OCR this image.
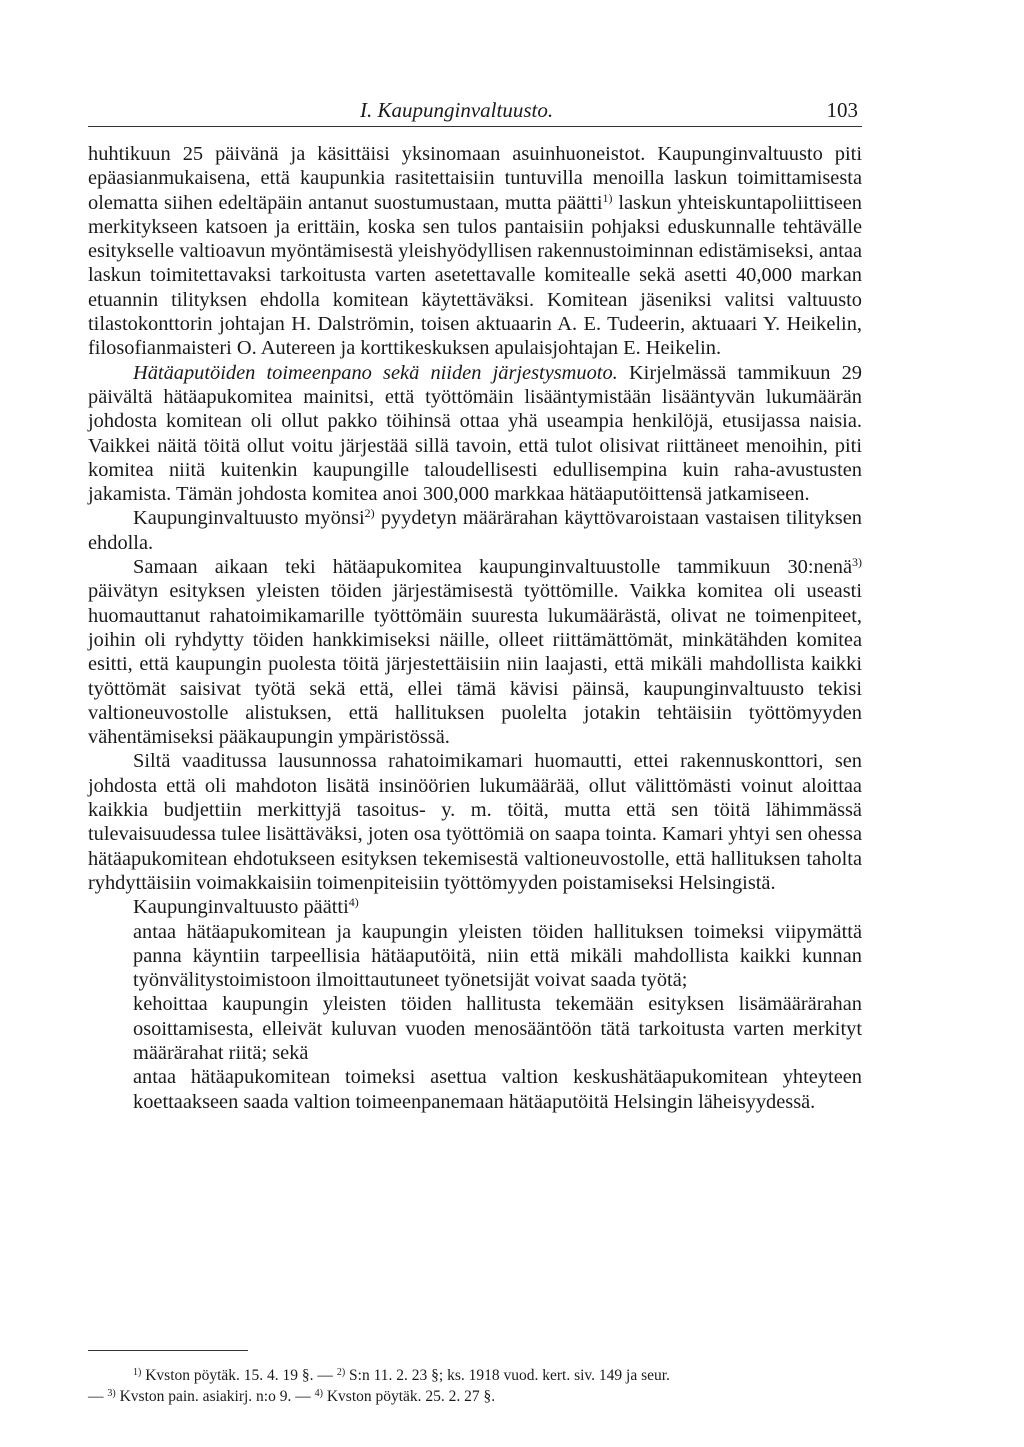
I. Kaupunginvaltuusto.	103

huhtikuun 25 päivänä ja käsittäisi yksinomaan asuinhuoneistot. Kaupunginvaltuusto piti epäasianmukaisena, että kaupunkia rasitettaisiin tuntuvilla menoilla laskun toimittamisesta olematta siihen edeltäpäin antanut suostumustaan, mutta päätti$^{1)}$ laskun yhteiskuntapoliittiseen merkitykseen katsoen ja erittäin, koska sen tulos pantaisiin pohjaksi eduskunnalle tehtävälle esitykselle valtioavun myöntämisestä yleishyödyllisen rakennustoiminnan edistämiseksi, antaa laskun toimitettavaksi tarkoitusta varten asetettavalle komitealle sekä asetti 40,000 markan etuannin tilityksen ehdolla komitean käytettäväksi. Komitean jäseniksi valitsi valtuusto tilastokonttorin johtajan H. Dalströmin, toisen aktuaarin A. E. Tudeerin, aktuaari Y. Heikelin, filosofianmaisteri O. Autereen ja korttikeskuksen apulaisjohtajan E. Heikelin.

Hätäaputöiden toimeenpano sekä niiden järjestysmuoto. Kirjelmässä tammikuun 29 päivältä hätäapukomitea mainitsi, että työttömäin lisääntymistään lisääntyvän lukumäärän johdosta komitean oli ollut pakko töihinsä ottaa yhä useampia henkilöjä, etusijassa naisia. Vaikkei näitä töitä ollut voitu järjestää sillä tavoin, että tulot olisivat riittäneet menoihin, piti komitea niitä kuitenkin kaupungille taloudellisesti edullisempina kuin raha-avustusten jakamista. Tämän johdosta komitea anoi 300,000 markkaa hätäaputöittensä jatkamiseen.

Kaupunginvaltuusto myönsi$^{2)}$ pyydetyn määrärahan käyttövaroistaan vastaisen tilityksen ehdolla.

Samaan aikaan teki hätäapukomitea kaupunginvaltuustolle tammikuun 30:nenä$^{3)}$ päivätyn esityksen yleisten töiden järjestämisestä työttömille. Vaikka komitea oli useasti huomauttanut rahatoimikamarille työttömäin suuresta lukumäärästä, olivat ne toimenpiteet, joihin oli ryhdytty töiden hankkimiseksi näille, olleet riittämättömät, minkätähden komitea esitti, että kaupungin puolesta töitä järjestettäisiin niin laajasti, että mikäli mahdollista kaikki työttömät saisivat työtä sekä että, ellei tämä kävisi päinsä, kaupunginvaltuusto tekisi valtioneuvostolle alistuksen, että hallituksen puolelta jotakin tehtäisiin työttömyyden vähentämiseksi pääkaupungin ympäristössä.

Siltä vaaditussa lausunnossa rahatoimikamari huomautti, ettei rakennuskonttori, sen johdosta että oli mahdoton lisätä insinöörien lukumäärää, ollut välittömästi voinut aloittaa kaikkia budjettiin merkittyjä tasoitus- y. m. töitä, mutta että sen töitä lähimmässä tulevaisuudessa tulee lisättäväksi, joten osa työttömiä on saapa tointa. Kamari yhtyi sen ohessa hätäapukomitean ehdotukseen esityksen tekemisestä valtioneuvostolle, että hallituksen taholta ryhdyttäisiin voimakkaisiin toimenpiteisiin työttömyyden poistamiseksi Helsingistä.

Kaupunginvaltuusto päätti$^{4)}$

antaa hätäapukomitean ja kaupungin yleisten töiden hallituksen toimeksi viipymättä panna käyntiin tarpeellisia hätäaputöitä, niin että mikäli mahdollista kaikki kunnan työnvälitystoimistoon ilmoittautuneet työnetsijät voivat saada työtä;

kehoittaa kaupungin yleisten töiden hallitusta tekemään esityksen lisämäärärahan osoittamisesta, elleivät kuluvan vuoden menosääntöön tätä tarkoitusta varten merkityt määrärahat riitä; sekä

antaa hätäapukomitean toimeksi asettua valtion keskushätäapukomitean yhteyteen koettaakseen saada valtion toimeenpanemaan hätäaputöitä Helsingin läheisyydessä.

$^{1)}$ Kvston pöytäk. 15. 4. 19 §. — $^{2)}$ S:n 11. 2. 23 §; ks. 1918 vuod. kert. siv. 149 ja seur.

— $^{3)}$ Kvston pain. asiakirj. n:o 9. — $^{4)}$ Kvston pöytäk. 25. 2. 27 §.
